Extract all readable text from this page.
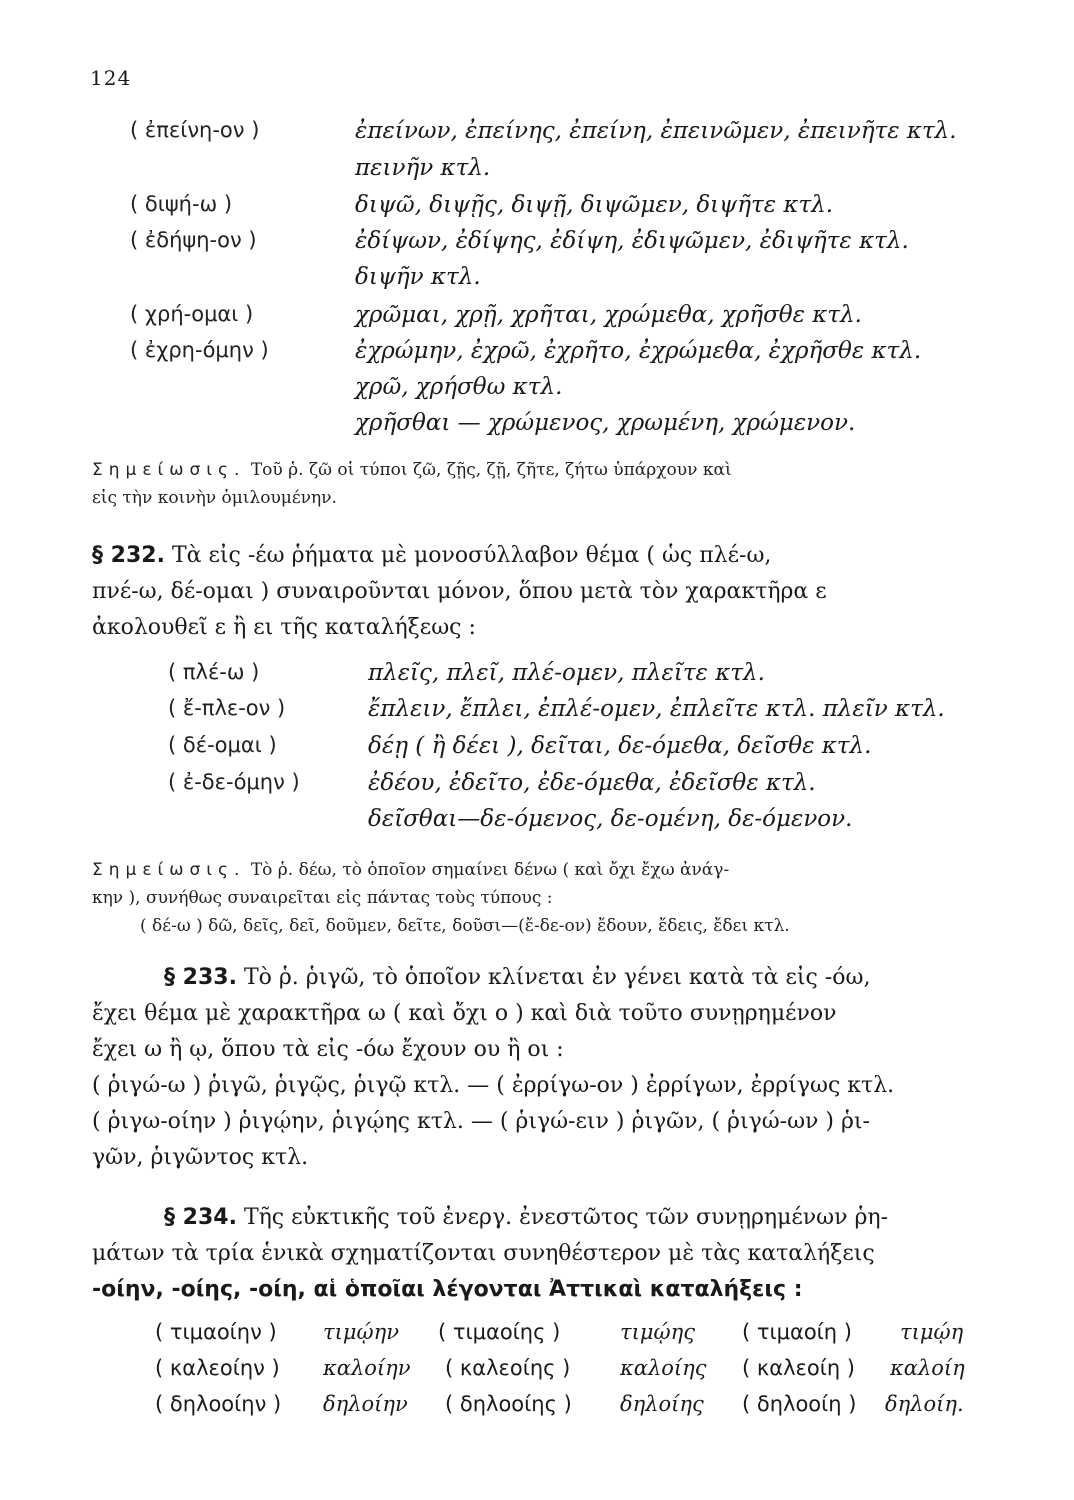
124
( ἐπείνη-ον )	ἐπείνων, ἐπείνης, ἐπείνη, ἐπεινῶμεν, ἐπεινῆτε κτλ.
πεινῆν κτλ.
( διψή-ω )	διψῶ, διψῇς, διψῇ, διψῶμεν, διψῆτε κτλ.
( ἐδήψη-ον )	ἐδίψων, ἐδίψης, ἐδίψη, ἐδιψῶμεν, ἐδιψῆτε κτλ.
διψῆν κτλ.
( χρή-ομαι )	χρῶμαι, χρῇ, χρῆται, χρώμεθα, χρῆσθε κτλ.
( ἐχρη-όμην )	ἐχρώμην, ἐχρῶ, ἐχρῆτο, ἐχρώμεθα, ἐχρῆσθε κτλ.
χρῶ, χρήσθω κτλ.
χρῆσθαι — χρώμενος, χρωμένη, χρώμενον.
Σημείωσις. Τοῦ ῥ. ζῶ οἱ τύποι ζῶ, ζῇς, ζῇ, ζῆτε, ζήτω ὑπάρχουν καὶ
εἰς τὴν κοινὴν ὁμιλουμένην.
§ 232. Τὰ εἰς -έω ῥήματα μὲ μονοσύλλαβον θέμα ( ὡς πλέ-ω,
πνέ-ω, δέ-ομαι ) συναιροῦνται μόνον, ὅπου μετὰ τὸν χαρακτῆρα ε
ἀκολουθεῖ ε ἢ ει τῆς καταλήξεως :
( πλέ-ω )	πλεῖς, πλεῖ, πλέ-ομεν, πλεῖτε κτλ.
( ἔ-πλε-ον )	ἔπλειν, ἔπλει, ἐπλέ-ομεν, ἐπλεῖτε κτλ. πλεῖν κτλ.
( δέ-ομαι )	δέῃ ( ἢ δέει ), δεῖται, δε-όμεθα, δεῖσθε κτλ.
( ἐ-δε-όμην )	ἐδέου, ἐδεῖτο, ἐδε-όμεθα, ἐδεῖσθε κτλ.
δεῖσθαι—δε-όμενος, δε-ομένη, δε-όμενον.
Σημείωσις. Τὸ ῥ. δέω, τὸ ὁποῖον σημαίνει δένω ( καὶ ὄχι ἔχω ἀνάγ-
κην ), συνήθως συναιρεῖται εἰς πάντας τοὺς τύπους :
( δέ-ω ) δῶ, δεῖς, δεῖ, δοῦμεν, δεῖτε, δοῦσι—(ἔ-δε-ον) ἔδουν, ἔδεις, ἔδει κτλ.
§ 233. Τὸ ῥ. ῥιγῶ, τὸ ὁποῖον κλίνεται ἐν γένει κατὰ τὰ εἰς -όω,
ἔχει θέμα μὲ χαρακτῆρα ω ( καὶ ὄχι ο ) καὶ διὰ τοῦτο συνῃρημένον
ἔχει ω ἢ ῳ, ὅπου τὰ εἰς -όω ἔχουν ου ἢ οι :
( ῥιγώ-ω ) ῥιγῶ, ῥιγῷς, ῥιγῷ κτλ. — ( ἐρρίγω-ον ) ἐρρίγων, ἐρρίγως κτλ.
( ῥιγω-οίην ) ῥιγῴην, ῥιγῴης κτλ. — ( ῥιγώ-ειν ) ῥιγῶν, ( ῥιγώ-ων ) ῥι-
γῶν, ῥιγῶντος κτλ.
§ 234. Τῆς εὐκτικῆς τοῦ ἐνεργ. ἐνεστῶτος τῶν συνῃρημένων ῥη-
μάτων τὰ τρία ἑνικὰ σχηματίζονται συνηθέστερον μὲ τὰς καταλήξεις
-οίην, -οίης, -οίη, αἱ ὁποῖαι λέγονται Ἀττικαὶ καταλήξεις :
( τιμαοίην ) τιμῴην ( τιμαοίης )	τιμῴης ( τιμαοίη ) τιμῴη
( καλεοίην ) καλοίην ( καλεοίης ) καλοίης ( καλεοίη ) καλοίη
( δηλοοίην ) δηλοίην ( δηλοοίης ) δηλοίης ( δηλοοίη ) δηλοίη.
